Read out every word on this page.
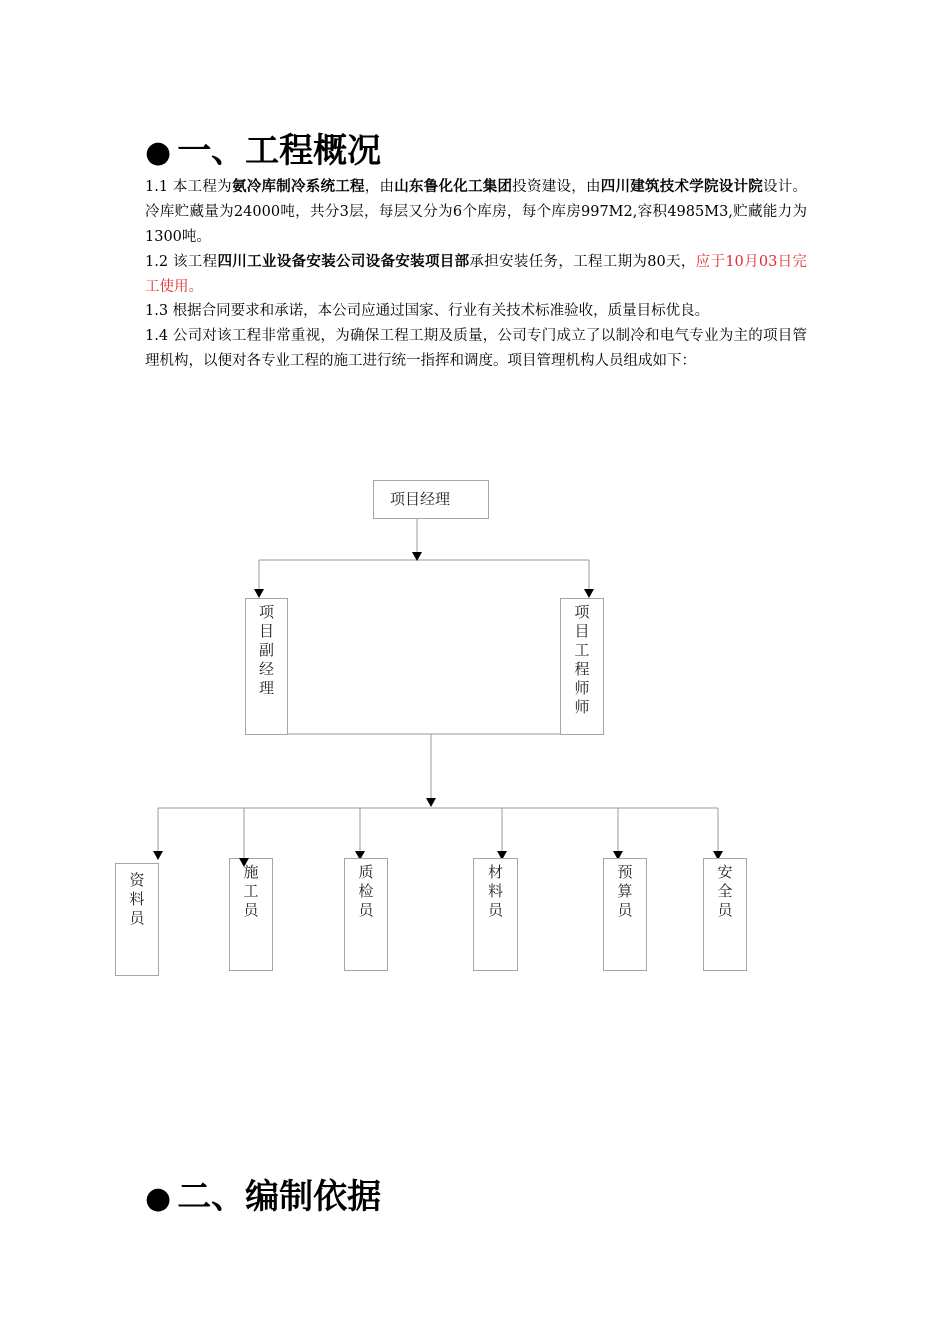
● 一、工程概况
1.1 本工程为氨冷库制冷系统工程，由山东鲁化化工集团投资建设，由四川建筑技术学院设计院设计。冷库贮藏量为24000吨，共分3层，每层又分为6个库房，每个库房997M2,容积4985M3,贮藏能力为1300吨。
1.2 该工程四川工业设备安装公司设备安装项目部承担安装任务，工程工期为80天，应于10月03日完工使用。
1.3 根据合同要求和承诺，本公司应通过国家、行业有关技术标准验收，质量目标优良。
1.4 公司对该工程非常重视，为确保工程工期及质量，公司专门成立了以制冷和电气专业为主的项目管理机构，以便对各专业工程的施工进行统一指挥和调度。项目管理机构人员组成如下：
项目经理
项
目
副
经
理
项
目
工
程
师
师
资
料
员
施
工
员
质
检
员
材
料
员
预
算
员
安
全
员
● 二、编制依据
